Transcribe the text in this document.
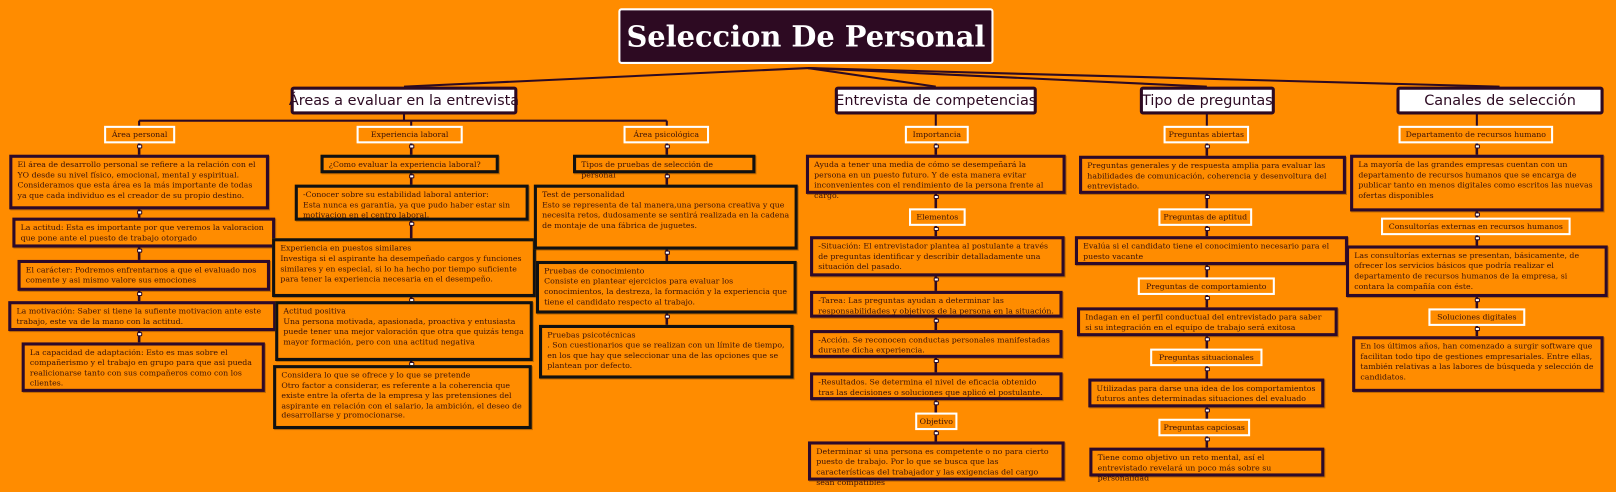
Seleccion De Personal
Áreas a evaluar en la entrevista	Entrevista de competencias	Tipo de preguntas	Canales de selección
Área personal
El área de desarrollo personal se refiere a la relación con el YO desde su nivel físico, emocional, mental y espiritual. Consideramos que esta área es la más importante de todas ya que cada individuo es el creador de su propio destino.
La actitud: Esta es importante por que veremos la valoracion que pone ante el puesto de trabajo otorgado
El carácter: Podremos enfrentarnos a que el evaluado nos comente y asi mismo valore sus emociones
La motivación: Saber si tiene la sufiente motivacion ante este trabajo, este va de la mano con la actitud.
La capacidad de adaptación: Esto es mas sobre el compañerismo y el trabajo en grupo para que asi pueda realicionarse tanto con sus compañeros como con los clientes.
Experiencia laboral
¿Como evaluar la experiencia laboral?
-Conocer sobre su estabilidad laboral anterior:
Esta nunca es garantia, ya que pudo haber estar sin motivacion en el centro laboral.
Experiencia en puestos similares
Investiga si el aspirante ha desempeñado cargos y funciones similares y en especial, si lo ha hecho por tiempo suficiente para tener la experiencia necesaria en el desempeño.
Actitud positiva
Una persona motivada, apasionada, proactiva y entusiasta puede tener una mejor valoración que otra que quizás tenga mayor formación, pero con una actitud negativa
Considera lo que se ofrece y lo que se pretende
Otro factor a considerar, es referente a la coherencia que existe entre la oferta de la empresa y las pretensiones del aspirante en relación con el salario, la ambición, el deseo de desarrollarse y promocionarse.
Área psicológica
Tipos de pruebas de selección de personal
Test de personalidad
Esto se representa de tal manera,una persona creativa y que necesita retos, dudosamente se sentirá realizada en la cadena de montaje de una fábrica de juguetes.
Pruebas de conocimiento
Consiste en plantear ejercicios para evaluar los conocimientos, la destreza, la formación y la experiencia que tiene el candidato respecto al trabajo.
Pruebas psicotécnicas
. Son cuestionarios que se realizan con un límite de tiempo, en los que hay que seleccionar una de las opciones que se plantean por defecto.
Importancia
Ayuda a tener una media de cómo se desempeñará la persona en un puesto futuro. Y de esta manera evitar inconvenientes con el rendimiento de la persona frente al cargo.
Elementos
-Situación: El entrevistador plantea al postulante a través de preguntas identificar y describir detalladamente una situación del pasado.
-Tarea: Las preguntas ayudan a determinar las responsabilidades y objetivos de la persona en la situación.
-Acción. Se reconocen conductas personales manifestadas durante dicha experiencia.
-Resultados. Se determina el nivel de eficacia obtenido tras las decisiones o soluciones que aplicó el postulante.
Objetivo
Determinar si una persona es competente o no para cierto puesto de trabajo. Por lo que se busca que las características del trabajador y las exigencias del cargo sean compatibles
Preguntas abiertas
Preguntas generales y de respuesta amplia para evaluar las habilidades de comunicación, coherencia y desenvoltura del entrevistado.
Preguntas de aptitud
Evalúa si el candidato tiene el conocimiento necesario para el puesto vacante
Preguntas de comportamiento
Indagan en el perfil conductual del entrevistado para saber si su integración en el equipo de trabajo será exitosa
Preguntas situacionales
Utilizadas para darse una idea de los comportamientos futuros antes determinadas situaciones del evaluado
Preguntas capciosas
Tiene como objetivo un reto mental, así el entrevistado revelará un poco más sobre su personalidad
Departamento de recursos humano
La mayoría de las grandes empresas cuentan con un departamento de recursos humanos que se encarga de publicar tanto en menos digitales como escritos las nuevas ofertas disponibles
Consultorías externas en recursos humanos
Las consultorías externas se presentan, básicamente, de ofrecer los servicios básicos que podría realizar el departamento de recursos humanos de la empresa, si contara la compañía con éste.
Soluciones digitales
En los últimos años, han comenzado a surgir software que facilitan todo tipo de gestiones empresariales. Entre ellas, también relativas a las labores de búsqueda y selección de candidatos.
